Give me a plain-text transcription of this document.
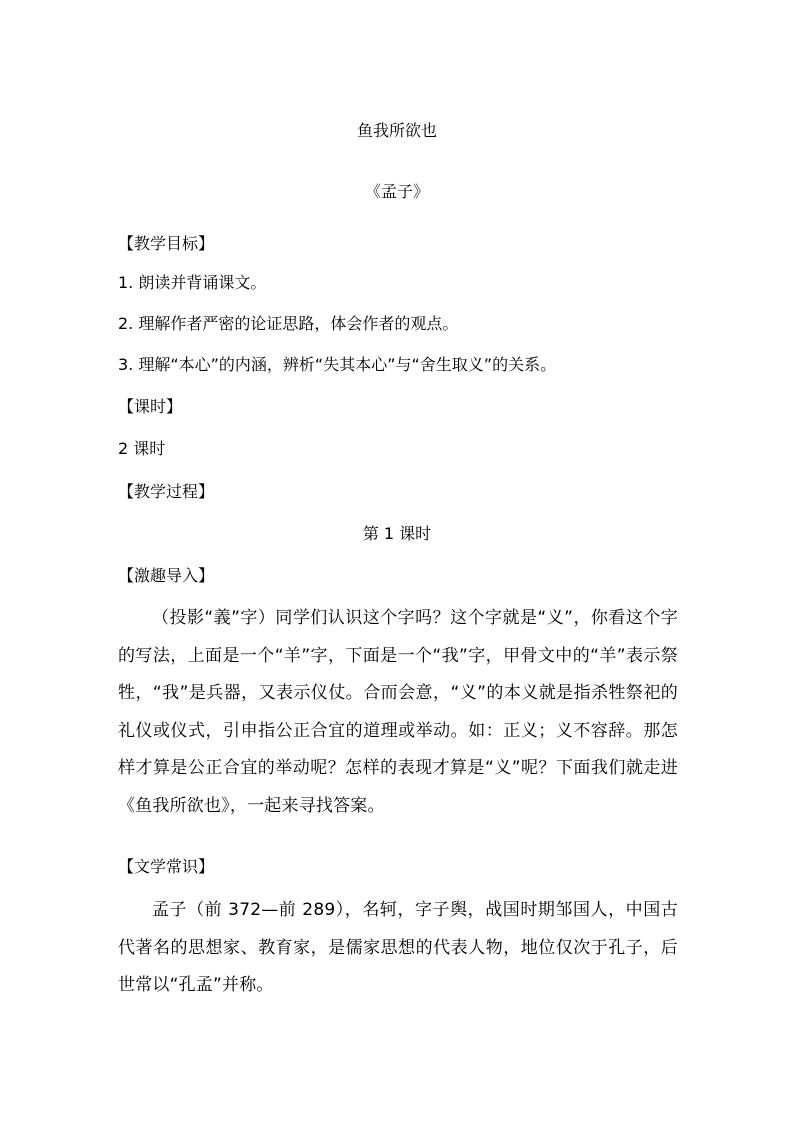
鱼我所欲也
《孟子》
【教学目标】
1. 朗读并背诵课文。
2. 理解作者严密的论证思路，体会作者的观点。
3. 理解“本心”的内涵，辨析“失其本心”与“舍生取义”的关系。
【课时】
2 课时
【教学过程】
第 1 课时
【激趣导入】

（投影“義”字）同学们认识这个字吗？这个字就是“义”，你看这个字的写法，上面是一个“羊”字，下面是一个“我”字，甲骨文中的“羊”表示祭牲，“我”是兵器，又表示仪仗。合而会意，“义”的本义就是指杀牲祭祀的礼仪或仪式，引申指公正合宜的道理或举动。如：正义；义不容辞。那怎样才算是公正合宜的举动呢？怎样的表现才算是“义”呢？下面我们就走进《鱼我所欲也》，一起来寻找答案。

【文学常识】

孟子（前 372—前 289），名轲，字子舆，战国时期邹国人，中国古代著名的思想家、教育家，是儒家思想的代表人物，地位仅次于孔子，后世常以“孔孟”并称。
